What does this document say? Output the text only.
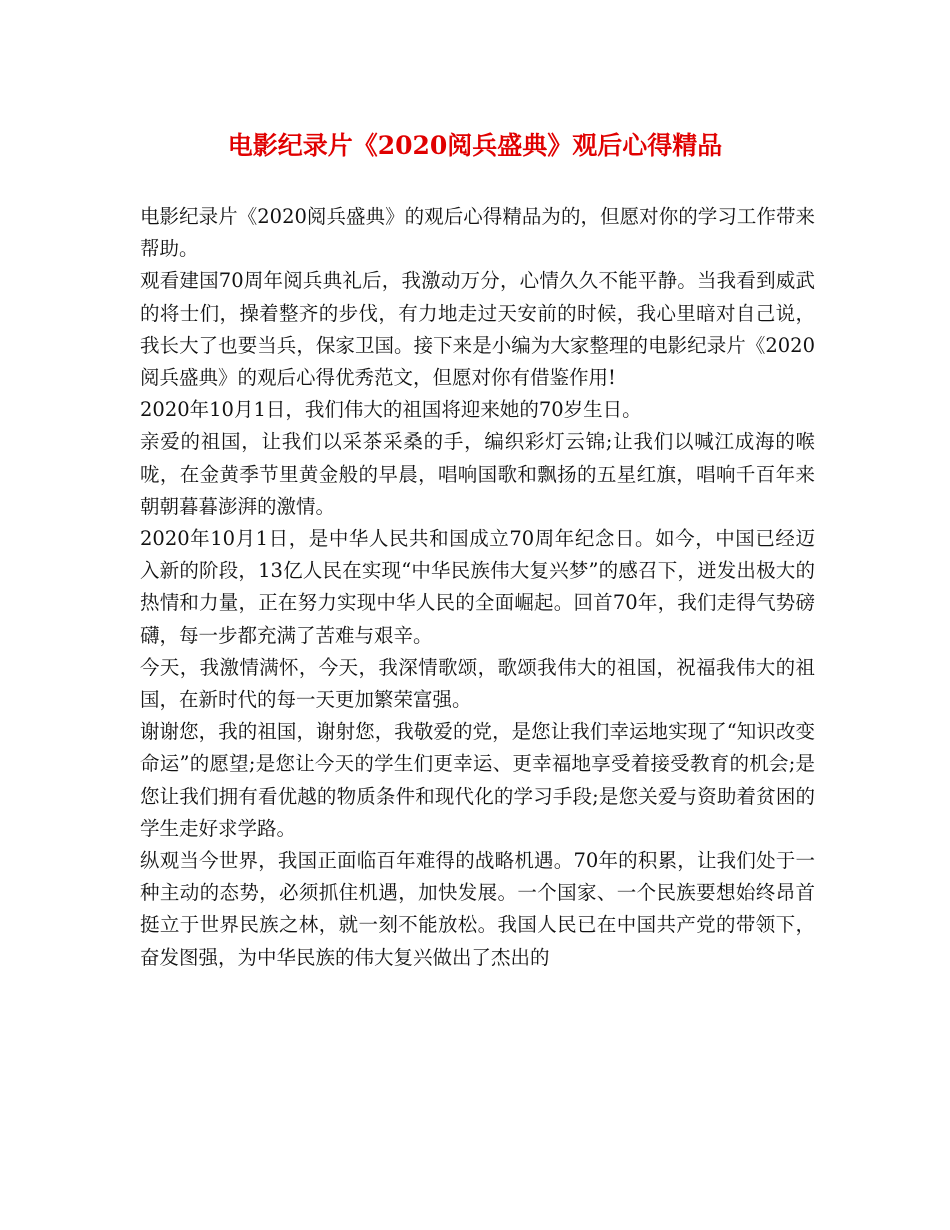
电影纪录片《2020阅兵盛典》观后心得精品

电影纪录片《2020阅兵盛典》的观后心得精品为的，但愿对你的学习工作带来帮助。

观看建国70周年阅兵典礼后，我激动万分，心情久久不能平静。当我看到威武的将士们，操着整齐的步伐，有力地走过天安前的时候，我心里暗对自己说，我长大了也要当兵，保家卫国。接下来是小编为大家整理的电影纪录片《2020阅兵盛典》的观后心得优秀范文，但愿对你有借鉴作用!

2020年10月1日，我们伟大的祖国将迎来她的70岁生日。

亲爱的祖国，让我们以采茶采桑的手，编织彩灯云锦;让我们以喊江成海的喉咙，在金黄季节里黄金般的早晨，唱响国歌和飘扬的五星红旗，唱响千百年来朝朝暮暮澎湃的激情。

2020年10月1日，是中华人民共和国成立70周年纪念日。如今，中国已经迈入新的阶段，13亿人民在实现“中华民族伟大复兴梦”的感召下，迸发出极大的热情和力量，正在努力实现中华人民的全面崛起。回首70年，我们走得气势磅礴，每一步都充满了苦难与艰辛。

今天，我激情满怀，今天，我深情歌颂，歌颂我伟大的祖国，祝福我伟大的祖国，在新时代的每一天更加繁荣富强。

谢谢您，我的祖国，谢射您，我敬爱的党，是您让我们幸运地实现了“知识改变命运”的愿望;是您让今天的学生们更幸运、更幸福地享受着接受教育的机会;是您让我们拥有看优越的物质条件和现代化的学习手段;是您关爱与资助着贫困的学生走好求学路。

纵观当今世界，我国正面临百年难得的战略机遇。70年的积累，让我们处于一种主动的态势，必须抓住机遇，加快发展。一个国家、一个民族要想始终昂首挺立于世界民族之林，就一刻不能放松。我国人民已在中国共产党的带领下，奋发图强，为中华民族的伟大复兴做出了杰出的
